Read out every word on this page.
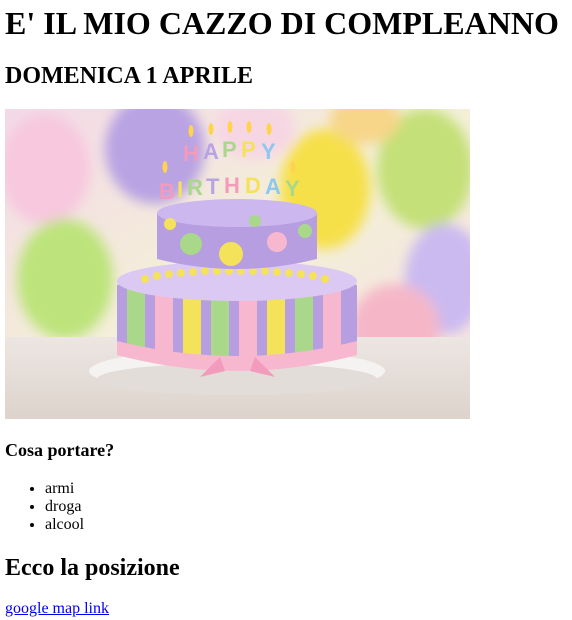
E' IL MIO CAZZO DI COMPLEANNO
DOMENICA 1 APRILE
H A P P Y
B I R T H D A Y
Cosa portare?
• armi
• droga
• alcool
Ecco la posizione
google map link
